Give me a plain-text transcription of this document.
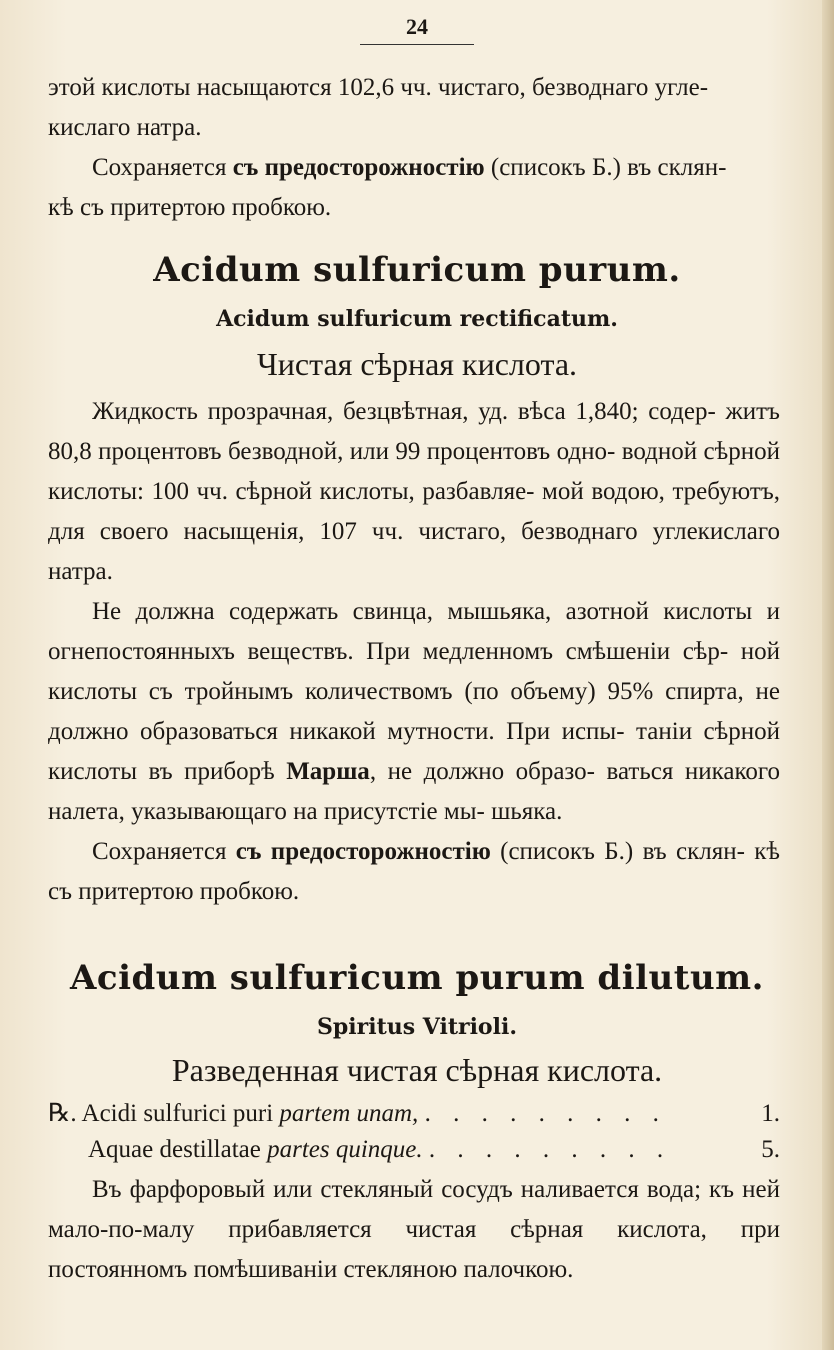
24

этой кислоты насыщаются 102,6 чч. чистаго, безводнаго угле-

кислаго натра.

Сохраняется съ предосторожностiю (списокъ Б.) въ склян-

кѣ съ притертою пробкою.

Acidum sulfuricum purum.
Acidum sulfuricum rectificatum.
Чистая сѣрная кислота.

Жидкость прозрачная, безцвѣтная, уд. вѣса 1,840; содер- житъ 80,8 процентовъ безводной, или 99 процентовъ одно- водной сѣрной кислоты: 100 чч. сѣрной кислоты, разбавляе- мой водою, требуютъ, для своего насыщенiя, 107 чч. чистаго, безводнаго углекислаго натра.

Не должна содержать свинца, мышьяка, азотной кислоты и огнепостоянныхъ веществъ. При медленномъ смѣшенiи сѣр- ной кислоты съ тройнымъ количествомъ (по объему) 95% спирта, не должно образоваться никакой мутности. При испы- танiи сѣрной кислоты въ приборѣ Марша, не должно образо- ваться никакого налета, указывающаго на присутстiе мы- шьяка.

Сохраняется съ предосторожностiю (списокъ Б.) въ склян- кѣ съ притертою пробкою.

Acidum sulfuricum purum dilutum.
Spiritus Vitrioli.
Разведенная чистая сѣрная кислота.
℞. Acidi sulfurici puri partem unam, . . . . . . . . .	1.
Aquae destillatae partes quinque. . . . . . . . . .	5.

Въ фарфоровый или стекляный сосудъ наливается вода; къ ней мало-по-малу прибавляется чистая сѣрная кислота, при постоянномъ помѣшиванiи стекляною палочкою.
